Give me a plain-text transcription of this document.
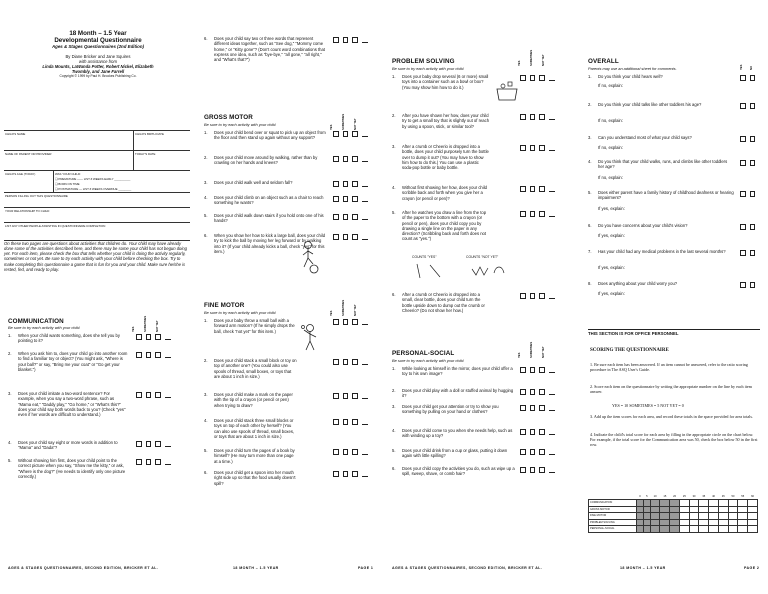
18 Month – 1.5 Year
Developmental Questionnaire
Ages & Stages Questionnaires (2nd Edition)
By Diane Bricker and Jane Squires
with assistance from
Linda Mounts, LaWanda Potter, Robert Nickel, Elizabeth
Twombly, and Jane Farrell
Copyright © 1999 by Paul H. Brookes Publishing Co.
CHILD'S NAME	CHILD'S BIRTH DATE
NAME OF PARENT OR PROVIDER	TODAY'S DATE
CHILD'S AGE (TODAY)	WAS YOUR CHILD:
❑ PREMATURE —— LIST # WEEKS EARLY __________
❑ BORN ON TIME
❑ POSTMATURE — LIST # WEEKS OVERDUE ________
PERSON FILLING OUT THIS QUESTIONNAIRE
YOUR RELATIONSHIP TO CHILD
LIST ANY OTHER PEOPLE ASSISTING IN QUESTIONNAIRE COMPLETION
On these two pages are questions about activities that children do. Your child may have already done some of the activities described here, and there may be some your child has not begun doing yet. For each item, please check the box that tells whether your child is doing the activity regularly, sometimes or not yet. Be sure to try each activity with your child before checking the box. Try to make completing this questionnaire a game that is fun for you and your child. Make sure he/she is rested, fed, and ready to play.
COMMUNICATION
Be sure to try each activity with your child.	YES	SOMETIMES	NOT YET
1.	When your child wants something, does she tell you by pointing to it?
2.	When you ask him to, does your child go into another room to find a familiar toy or object? (You might ask, "Where is your ball?" or say, "Bring me your coat" or "Go get your blanket.")
3.	Does your child imitate a two-word sentence? For example, when you say a two-word phrase, such as "Mama eat," "Daddy play," "Go home," or "What's this?" does your child say both words back to you? (Check "yes" even if her words are difficult to understand.)
4.	Does your child say eight or more words in addition to "Mama" and "Dada"?
5.	Without showing him first, does your child point to the correct picture when you say, "Show me the kitty," or ask, "Where is the dog?" (He needs to identify only one picture correctly.)
6.	Does your child say two or three words that represent different ideas together, such as "See dog," "Mommy come home," or "Kitty gone"? (Don't count word combinations that express one idea, such as "bye-bye," "all gone," "all right," and "What's that?")
GROSS MOTOR
Be sure to try each activity with your child.
YES	SOMETIMES	NOT YET
1.	Does your child bend over or squat to pick up an object from the floor and then stand up again without any support?
2.	Does your child move around by walking, rather than by crawling on her hands and knees?
3.	Does your child walk well and seldom fall?
4.	Does your child climb on an object such as a chair to reach something he wants?
5.	Does your child walk down stairs if you hold onto one of his hands?
6.	When you show her how to kick a large ball, does your child try to kick the ball by moving her leg forward or by walking into it? (If your child already kicks a ball, check "yes" for this item.)
FINE MOTOR
Be sure to try each activity with your child.	YES	SOMETIMES	NOT YET
1.	Does your baby throw a small ball with a forward arm motion? (If he simply drops the ball, check "not yet" for this item.)
2.	Does your child stack a small block or toy on top of another one? (You could also use spools of thread, small boxes, or toys that are about 1 inch in size.)
3.	Does your child make a mark on the paper with the tip of a crayon (or pencil or pen) when trying to draw?
4.	Does your child stack three small blocks or toys on top of each other by herself? (You can also use spools of thread, small boxes, or toys that are about 1 inch in size.)
5.	Does your child turn the pages of a book by himself? (He may turn more than one page at a time.)
6.	Does your child get a spoon into her mouth right side up so that the food usually doesn't spill?
PROBLEM SOLVING
Be sure to try each activity with your child.
YES	SOMETIMES	NOT YET
1.	Does your baby drop several (6 or more) small toys into a container such as a bowl or box? (You may show him how to do it.)
2.	After you have shown her how, does your child try to get a small toy that is slightly out of reach by using a spoon, stick, or similar tool?
3.	After a crumb or Cheerio is dropped into a bottle, does your child purposely turn the bottle over to dump it out? (You may have to show him how to do this.) You can use a plastic soda-pop bottle or baby bottle.
4.	Without first showing her how, does your child scribble back and forth when you give her a crayon (or pencil or pen)?
5.	After he watches you draw a line from the top of the paper to the bottom with a crayon (or pencil or pen), does your child copy you by drawing a single line on the paper in any direction? (Scribbling back and forth does not count as "yes.")
6.	After a crumb or Cheerio is dropped into a small, clear bottle, does your child turn the bottle upside down to dump out the crumb or Cheerio? (Do not show her how.)
COUNTS "YES"	COUNTS "NOT YET"
PERSONAL-SOCIAL
Be sure to try each activity with your child.
YES	SOMETIMES	NOT YET
1.	While looking at himself in the mirror, does your child offer a toy to his own image?
2.	Does your child play with a doll or stuffed animal by hugging it?
3.	Does your child get your attention or try to show you something by pulling on your hand or clothes?
4.	Does your child come to you when she needs help, such as with winding up a toy?
5.	Does your child drink from a cup or glass, putting it down again with little spilling?
6.	Does your child copy the activities you do, such as wipe up a spill, sweep, shave, or comb hair?
OVERALL
Parents may use an additional sheet for comments.	YES	NO
1.	Do you think your child hears well?
If no, explain:
2.	Do you think your child talks like other toddlers his age?
If no, explain:
3.	Can you understand most of what your child says?
If no, explain:
4.	Do you think that your child walks, runs, and climbs like other toddlers her age?
If no, explain:
5.	Does either parent have a family history of childhood deafness or hearing impairment?
If yes, explain:
6.	Do you have concerns about your child's vision?
If yes, explain:
7.	Has your child had any medical problems in the last several months?
If yes, explain:
8.	Does anything about your child worry you?
If yes, explain:
THIS SECTION IS FOR OFFICE PERSONNEL
SCORING THE QUESTIONNAIRE
1. Be sure each item has been answered. If an item cannot be answered, refer to the ratio scoring procedure in The ASQ User's Guide.
2. Score each item on the questionnaire by writing the appropriate number on the line by each item answer.
YES = 10 SOMETIMES = 5 NOT YET = 0
3. Add up the item scores for each area, and record these totals in the space provided for area totals.
4. Indicate the child's total score for each area by filling in the appropriate circle on the chart below. For example, if the total score for the Communication area was 50, check the box below 50 in the first row.
	0	5	10	15	20	25	30	35	40	45	50	55	60
COMMUNICATION													
GROSS MOTOR													
FINE MOTOR													
PROBLEM SOLVING													
PERSONAL-SOCIAL													
AGES & STAGES QUESTIONNAIRES, SECOND EDITION, BRICKER ET AL.	18 MONTH – 1.5 YEAR	PAGE 1	AGES & STAGES QUESTIONNAIRES, SECOND EDITION, BRICKER ET AL.	18 MONTH – 1.5 YEAR	PAGE 2
